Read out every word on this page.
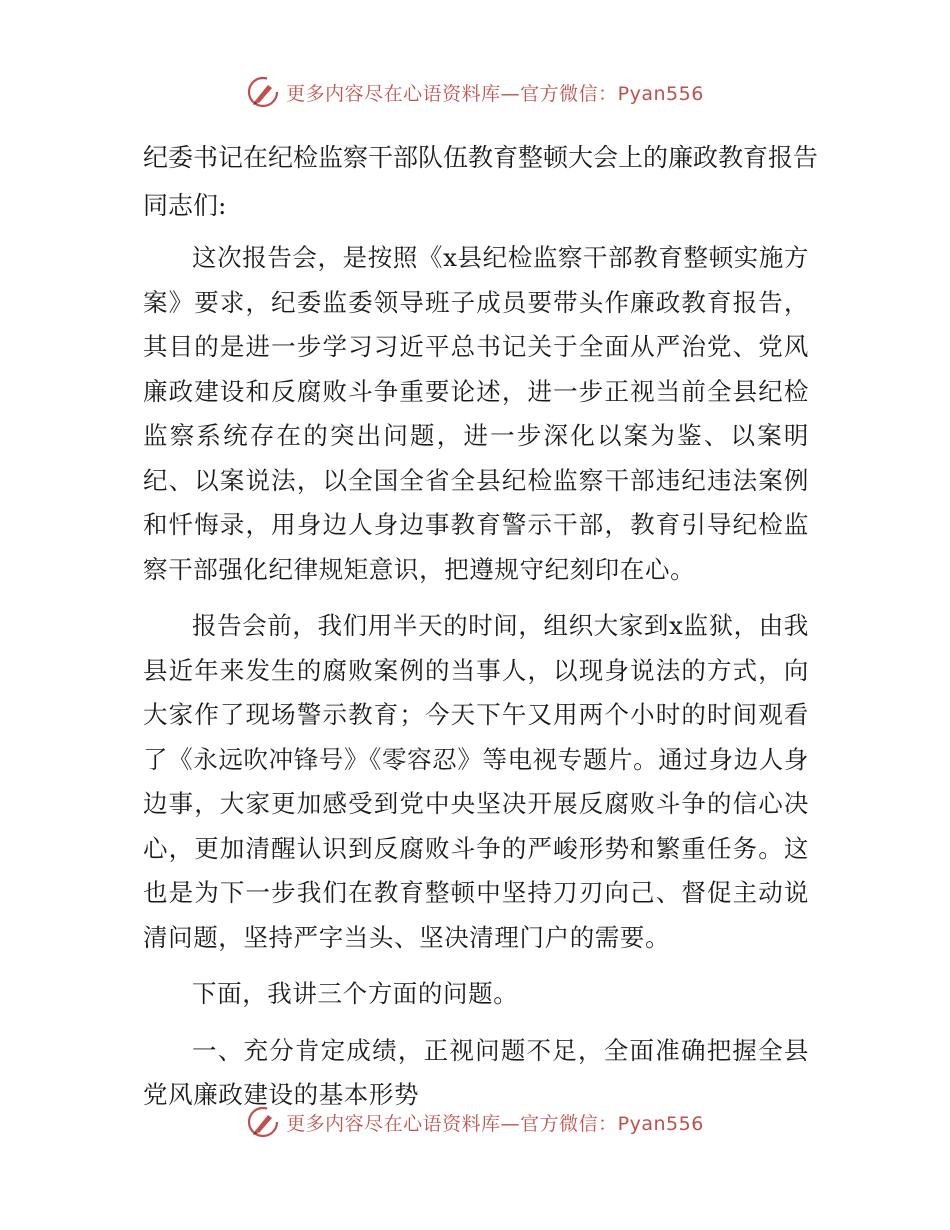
更多内容尽在心语资料库—官方微信：Pyan556
纪委书记在纪检监察干部队伍教育整顿大会上的廉政教育报告

同志们:

这次报告会，是按照《x县纪检监察干部教育整顿实施方案》要求，纪委监委领导班子成员要带头作廉政教育报告，其目的是进一步学习习近平总书记关于全面从严治党、党风廉政建设和反腐败斗争重要论述，进一步正视当前全县纪检监察系统存在的突出问题，进一步深化以案为鉴、以案明纪、以案说法，以全国全省全县纪检监察干部违纪违法案例和忏悔录，用身边人身边事教育警示干部，教育引导纪检监察干部强化纪律规矩意识，把遵规守纪刻印在心。

报告会前，我们用半天的时间，组织大家到x监狱，由我县近年来发生的腐败案例的当事人，以现身说法的方式，向大家作了现场警示教育；今天下午又用两个小时的时间观看了《永远吹冲锋号》《零容忍》等电视专题片。通过身边人身边事，大家更加感受到党中央坚决开展反腐败斗争的信心决心，更加清醒认识到反腐败斗争的严峻形势和繁重任务。这也是为下一步我们在教育整顿中坚持刀刃向己、督促主动说清问题，坚持严字当头、坚决清理门户的需要。

下面，我讲三个方面的问题。

一、充分肯定成绩，正视问题不足，全面准确把握全县党风廉政建设的基本形势

更多内容尽在心语资料库—官方微信：Pyan556
